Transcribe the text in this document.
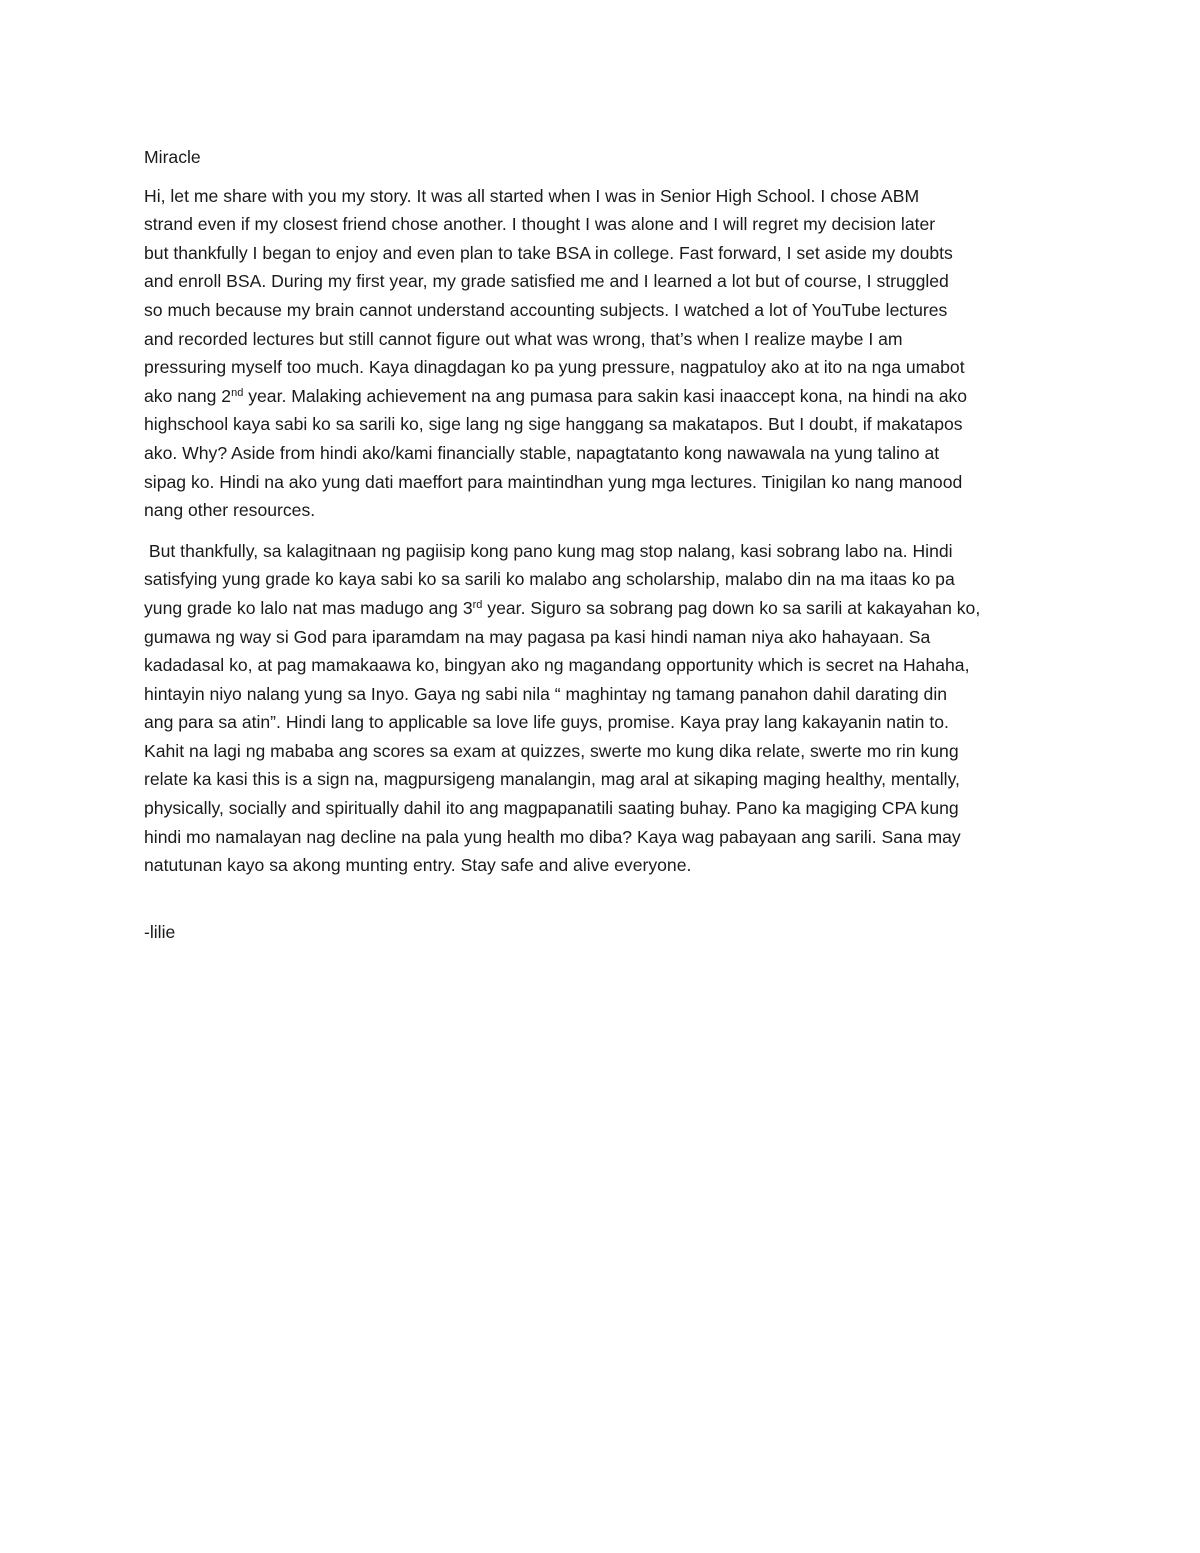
Miracle
Hi, let me share with you my story. It was all started when I was in Senior High School. I chose ABM
strand even if my closest friend chose another. I thought I was alone and I will regret my decision later
but thankfully I began to enjoy and even plan to take BSA in college. Fast forward, I set aside my doubts
and enroll BSA. During my first year, my grade satisfied me and I learned a lot but of course, I struggled
so much because my brain cannot understand accounting subjects. I watched a lot of YouTube lectures
and recorded lectures but still cannot figure out what was wrong, that’s when I realize maybe I am
pressuring myself too much. Kaya dinagdagan ko pa yung pressure, nagpatuloy ako at ito na nga umabot
ako nang 2nd year. Malaking achievement na ang pumasa para sakin kasi inaaccept kona, na hindi na ako
highschool kaya sabi ko sa sarili ko, sige lang ng sige hanggang sa makatapos. But I doubt, if makatapos
ako. Why? Aside from hindi ako/kami financially stable, napagtatanto kong nawawala na yung talino at
sipag ko. Hindi na ako yung dati maeffort para maintindhan yung mga lectures. Tinigilan ko nang manood
nang other resources.
But thankfully, sa kalagitnaan ng pagiisip kong pano kung mag stop nalang, kasi sobrang labo na. Hindi
satisfying yung grade ko kaya sabi ko sa sarili ko malabo ang scholarship, malabo din na ma itaas ko pa
yung grade ko lalo nat mas madugo ang 3rd year. Siguro sa sobrang pag down ko sa sarili at kakayahan ko,
gumawa ng way si God para iparamdam na may pagasa pa kasi hindi naman niya ako hahayaan. Sa
kadadasal ko, at pag mamakaawa ko, bingyan ako ng magandang opportunity which is secret na Hahaha,
hintayin niyo nalang yung sa Inyo. Gaya ng sabi nila “ maghintay ng tamang panahon dahil darating din
ang para sa atin”. Hindi lang to applicable sa love life guys, promise. Kaya pray lang kakayanin natin to.
Kahit na lagi ng mababa ang scores sa exam at quizzes, swerte mo kung dika relate, swerte mo rin kung
relate ka kasi this is a sign na, magpursigeng manalangin, mag aral at sikaping maging healthy, mentally,
physically, socially and spiritually dahil ito ang magpapanatili saating buhay. Pano ka magiging CPA kung
hindi mo namalayan nag decline na pala yung health mo diba? Kaya wag pabayaan ang sarili. Sana may
natutunan kayo sa akong munting entry. Stay safe and alive everyone.
-lilie
